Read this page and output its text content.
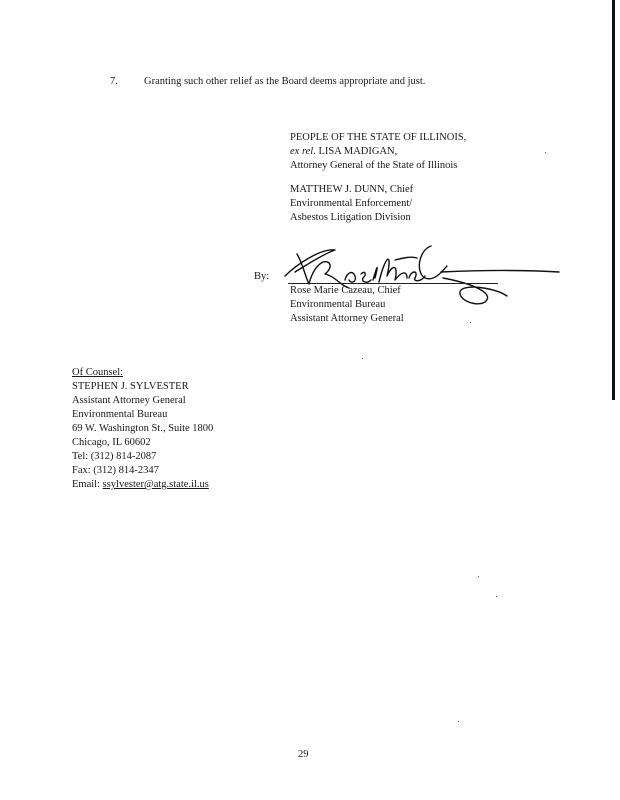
7. Granting such other relief as the Board deems appropriate and just.
PEOPLE OF THE STATE OF ILLINOIS,
ex rel. LISA MADIGAN,
Attorney General of the State of Illinois
MATTHEW J. DUNN, Chief
Environmental Enforcement/
Asbestos Litigation Division
By:
Rose Marie Cazeau, Chief
Environmental Bureau
Assistant Attorney General
Of Counsel:
STEPHEN J. SYLVESTER
Assistant Attorney General
Environmental Bureau
69 W. Washington St., Suite 1800
Chicago, IL 60602
Tel: (312) 814-2087
Fax: (312) 814-2347
Email: ssylvester@atg.state.il.us
29
